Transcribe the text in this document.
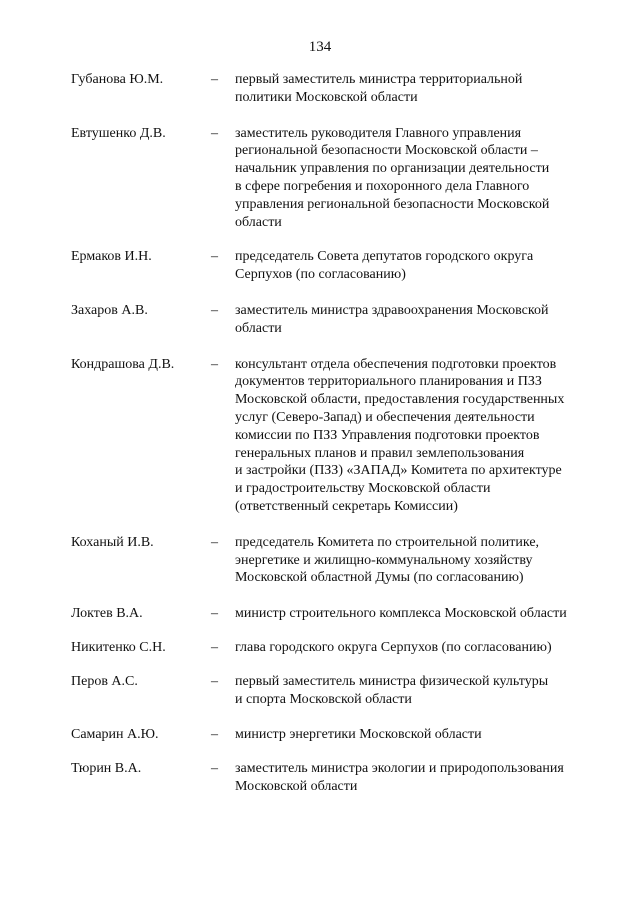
134
Губанова Ю.М.	– первый заместитель министра территориальной
политики Московской области
Евтушенко Д.В.	– заместитель руководителя Главного управления
региональной безопасности Московской области –
начальник управления по организации деятельности
в сфере погребения и похоронного дела Главного
управления региональной безопасности Московской
области
Ермаков И.Н.	– председатель Совета депутатов городского округа
Серпухов (по согласованию)
Захаров А.В.	– заместитель министра здравоохранения Московской
области
Кондрашова Д.В.	– консультант отдела обеспечения подготовки проектов
документов территориального планирования и ПЗЗ
Московской области, предоставления государственных
услуг (Северо-Запад) и обеспечения деятельности
комиссии по ПЗЗ Управления подготовки проектов
генеральных планов и правил землепользования
и застройки (ПЗЗ) «ЗАПАД» Комитета по архитектуре
и градостроительству Московской области
(ответственный секретарь Комиссии)
Коханый И.В.	– председатель Комитета по строительной политике,
энергетике и жилищно-коммунальному хозяйству
Московской областной Думы (по согласованию)
Локтев В.А.	– министр строительного комплекса Московской области
Никитенко С.Н.	– глава городского округа Серпухов (по согласованию)
Перов А.С.	– первый заместитель министра физической культуры
и спорта Московской области
Самарин А.Ю.	– министр энергетики Московской области
Тюрин В.А.	– заместитель министра экологии и природопользования
Московской области
